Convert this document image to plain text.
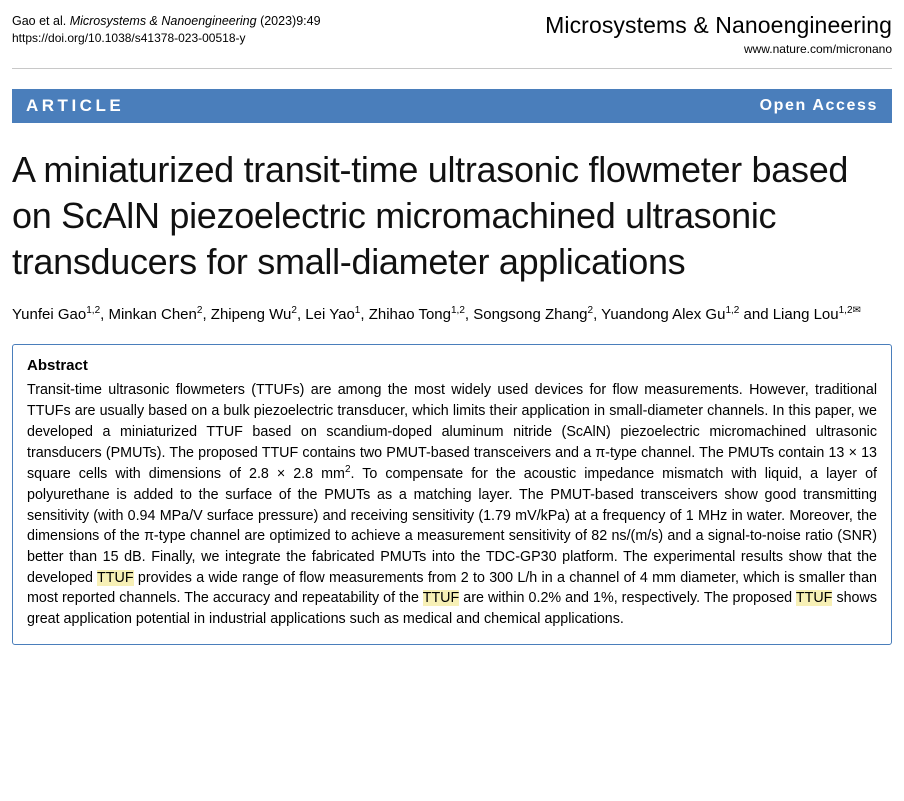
Gao et al. Microsystems & Nanoengineering (2023)9:49
https://doi.org/10.1038/s41378-023-00518-y
Microsystems & Nanoengineering
www.nature.com/micronano
ARTICLE	Open Access
A miniaturized transit-time ultrasonic flowmeter based on ScAlN piezoelectric micromachined ultrasonic transducers for small-diameter applications
Yunfei Gao$^{1,2}$, Minkan Chen$^2$, Zhipeng Wu$^2$, Lei Yao$^1$, Zhihao Tong$^{1,2}$, Songsong Zhang$^2$, Yuandong Alex Gu$^{1,2}$ and Liang Lou$^{1,2✉}$
Abstract
Transit-time ultrasonic flowmeters (TTUFs) are among the most widely used devices for flow measurements. However, traditional TTUFs are usually based on a bulk piezoelectric transducer, which limits their application in small-diameter channels. In this paper, we developed a miniaturized TTUF based on scandium-doped aluminum nitride (ScAlN) piezoelectric micromachined ultrasonic transducers (PMUTs). The proposed TTUF contains two PMUT-based transceivers and a π-type channel. The PMUTs contain 13 × 13 square cells with dimensions of 2.8 × 2.8 $mm^2$. To compensate for the acoustic impedance mismatch with liquid, a layer of polyurethane is added to the surface of the PMUTs as a matching layer. The PMUT-based transceivers show good transmitting sensitivity (with 0.94 MPa/V surface pressure) and receiving sensitivity (1.79 mV/kPa) at a frequency of 1 MHz in water. Moreover, the dimensions of the π-type channel are optimized to achieve a measurement sensitivity of 82 ns/(m/s) and a signal-to-noise ratio (SNR) better than 15 dB. Finally, we integrate the fabricated PMUTs into the TDC-GP30 platform. The experimental results show that the developed TTUF provides a wide range of flow measurements from 2 to 300 L/h in a channel of 4 mm diameter, which is smaller than most reported channels. The accuracy and repeatability of the TTUF are within 0.2% and 1%, respectively. The proposed TTUF shows great application potential in industrial applications such as medical and chemical applications.
